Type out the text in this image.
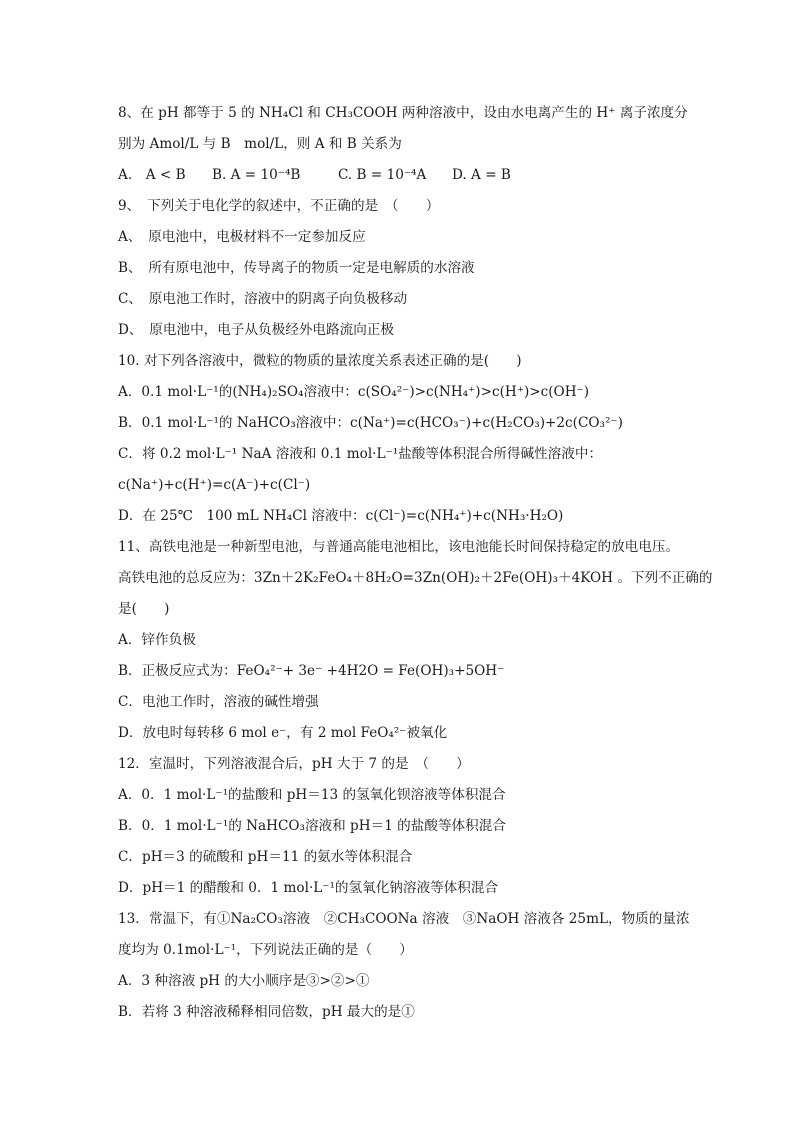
8、在 pH 都等于 5 的 NH₄Cl 和 CH₃COOH 两种溶液中，设由水电离产生的 H⁺ 离子浓度分
别为 Amol/L 与 B　mol/L，则 A 和 B 关系为
A.　A < B	B. A = 10⁻⁴B	C. B = 10⁻⁴A	D. A = B
9、　下列关于电化学的叙述中，不正确的是　（　　）
A、　原电池中，电极材料不一定参加反应
B、　所有原电池中，传导离子的物质一定是电解质的水溶液
C、　原电池工作时，溶液中的阴离子向负极移动
D、　原电池中，电子从负极经外电路流向正极
10. 对下列各溶液中，微粒的物质的量浓度关系表述正确的是(　　)
A．0.1 mol·L⁻¹的(NH₄)₂SO₄溶液中：c(SO₄²⁻)>c(NH₄⁺)>c(H⁺)>c(OH⁻)
B．0.1 mol·L⁻¹的 NaHCO₃溶液中：c(Na⁺)=c(HCO₃⁻)+c(H₂CO₃)+2c(CO₃²⁻)
C．将 0.2 mol·L⁻¹ NaA 溶液和 0.1 mol·L⁻¹盐酸等体积混合所得碱性溶液中：
c(Na⁺)+c(H⁺)=c(A⁻)+c(Cl⁻)
D．在 25℃　100 mL NH₄Cl 溶液中：c(Cl⁻)=c(NH₄⁺)+c(NH₃·H₂O)
11、高铁电池是一种新型电池，与普通高能电池相比，该电池能长时间保持稳定的放电电压。
高铁电池的总反应为：3Zn＋2K₂FeO₄＋8H₂O=3Zn(OH)₂＋2Fe(OH)₃＋4KOH 。下列不正确的
是(　　)
A．锌作负极
B．正极反应式为：FeO₄²⁻+ 3e⁻ +4H2O = Fe(OH)₃+5OH⁻
C．电池工作时，溶液的碱性增强
D．放电时每转移 6 mol e⁻，有 2 mol FeO₄²⁻被氧化
12．室温时，下列溶液混合后，pH 大于 7 的是　（　　）
A．0．1 mol·L⁻¹的盐酸和 pH＝13 的氢氧化钡溶液等体积混合
B．0．1 mol·L⁻¹的 NaHCO₃溶液和 pH＝1 的盐酸等体积混合
C．pH＝3 的硫酸和 pH＝11 的氨水等体积混合
D．pH＝1 的醋酸和 0．1 mol·L⁻¹的氢氧化钠溶液等体积混合
13．常温下，有①Na₂CO₃溶液　②CH₃COONa 溶液　③NaOH 溶液各 25mL，物质的量浓
度均为 0.1mol·L⁻¹，下列说法正确的是（　　）
A．3 种溶液 pH 的大小顺序是③>②>①
B．若将 3 种溶液稀释相同倍数，pH 最大的是①
